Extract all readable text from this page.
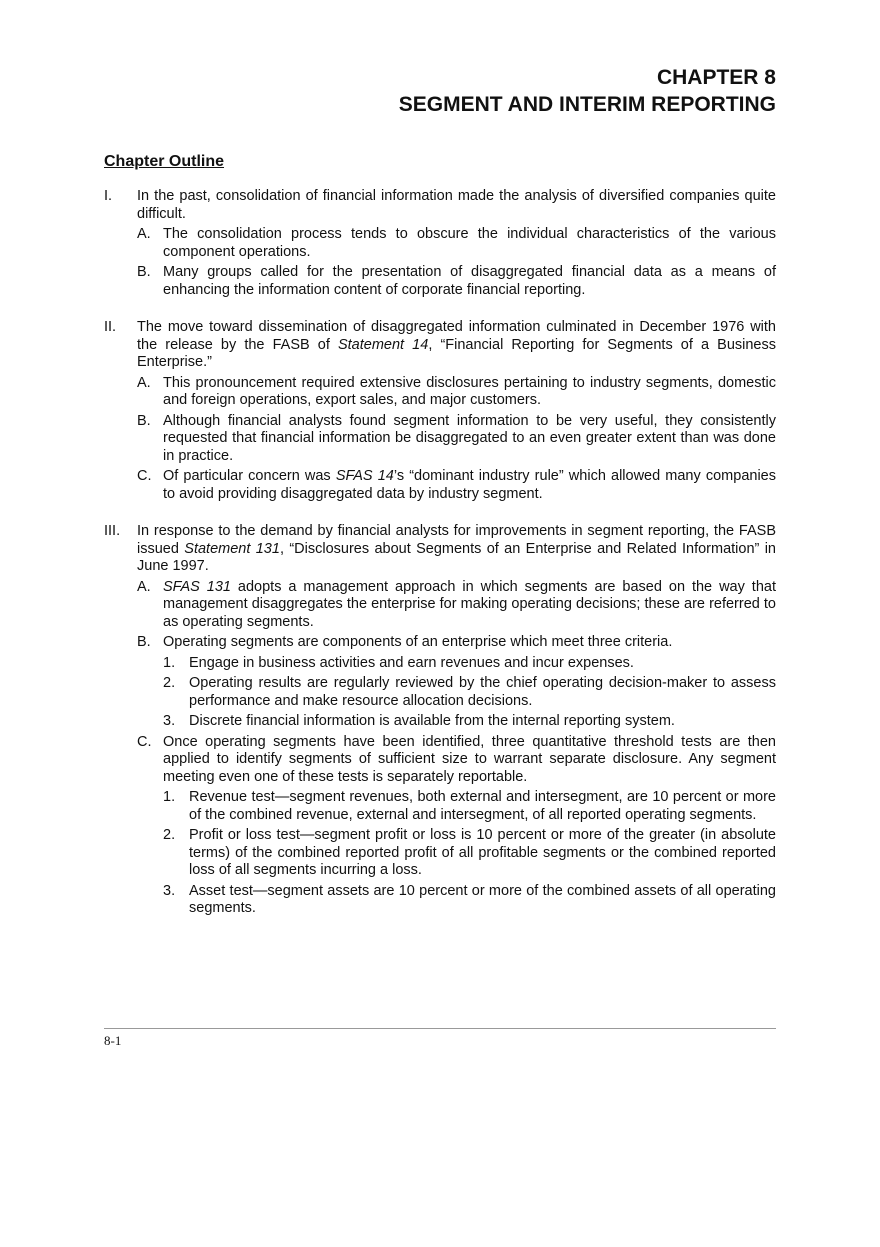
CHAPTER 8
SEGMENT AND INTERIM REPORTING
Chapter Outline
I.	In the past, consolidation of financial information made the analysis of diversified companies quite difficult.
A. The consolidation process tends to obscure the individual characteristics of the various component operations.
B. Many groups called for the presentation of disaggregated financial data as a means of enhancing the information content of corporate financial reporting.
II.	The move toward dissemination of disaggregated information culminated in December 1976 with the release by the FASB of Statement 14, “Financial Reporting for Segments of a Business Enterprise.”
A. This pronouncement required extensive disclosures pertaining to industry segments, domestic and foreign operations, export sales, and major customers.
B. Although financial analysts found segment information to be very useful, they consistently requested that financial information be disaggregated to an even greater extent than was done in practice.
C. Of particular concern was SFAS 14’s “dominant industry rule” which allowed many companies to avoid providing disaggregated data by industry segment.
III.	In response to the demand by financial analysts for improvements in segment reporting, the FASB issued Statement 131, “Disclosures about Segments of an Enterprise and Related Information” in June 1997.
A. SFAS 131 adopts a management approach in which segments are based on the way that management disaggregates the enterprise for making operating decisions; these are referred to as operating segments.
B. Operating segments are components of an enterprise which meet three criteria.
1. Engage in business activities and earn revenues and incur expenses.
2. Operating results are regularly reviewed by the chief operating decision-maker to assess performance and make resource allocation decisions.
3. Discrete financial information is available from the internal reporting system.
C. Once operating segments have been identified, three quantitative threshold tests are then applied to identify segments of sufficient size to warrant separate disclosure. Any segment meeting even one of these tests is separately reportable.
1. Revenue test—segment revenues, both external and intersegment, are 10 percent or more of the combined revenue, external and intersegment, of all reported operating segments.
2. Profit or loss test—segment profit or loss is 10 percent or more of the greater (in absolute terms) of the combined reported profit of all profitable segments or the combined reported loss of all segments incurring a loss.
3. Asset test—segment assets are 10 percent or more of the combined assets of all operating segments.
8-1
